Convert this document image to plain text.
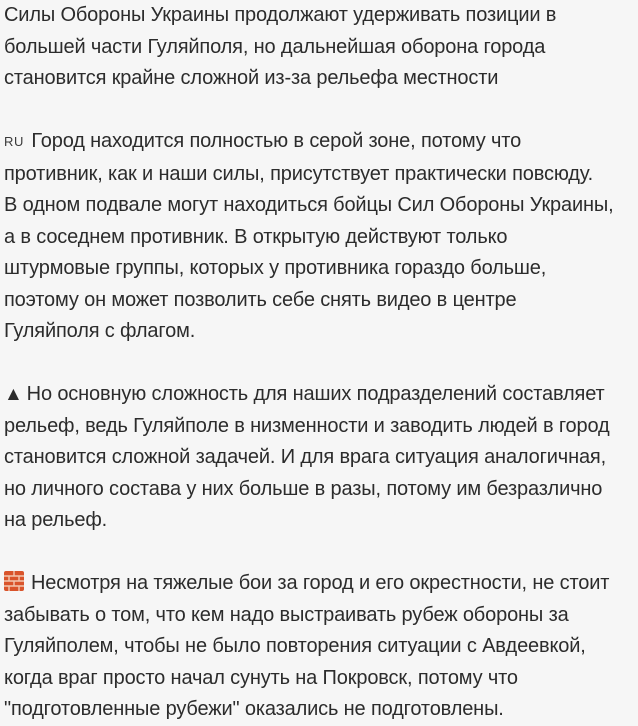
Силы Обороны Украины продолжают удерживать позиции в
большей части Гуляйполя, но дальнейшая оборона города
становится крайне сложной из-за рельефа местности

RU Город находится полностью в серой зоне, потому что
противник, как и наши силы, присутствует практически повсюду.
В одном подвале могут находиться бойцы Сил Обороны Украины,
а в соседнем противник. В открытую действуют только
штурмовые группы, которых у противника гораздо больше,
поэтому он может позволить себе снять видео в центре
Гуляйполя с флагом.

▲ Но основную сложность для наших подразделений составляет
рельеф, ведь Гуляйполе в низменности и заводить людей в город
становится сложной задачей. И для врага ситуация аналогичная,
но личного состава у них больше в разы, потому им безразлично
на рельеф.

Несмотря на тяжелые бои за город и его окрестности, не стоит
забывать о том, что кем надо выстраивать рубеж обороны за
Гуляйполем, чтобы не было повторения ситуации с Авдеевкой,
когда враг просто начал сунуть на Покровск, потому что
"подготовленные рубежи" оказались не подготовлены.
